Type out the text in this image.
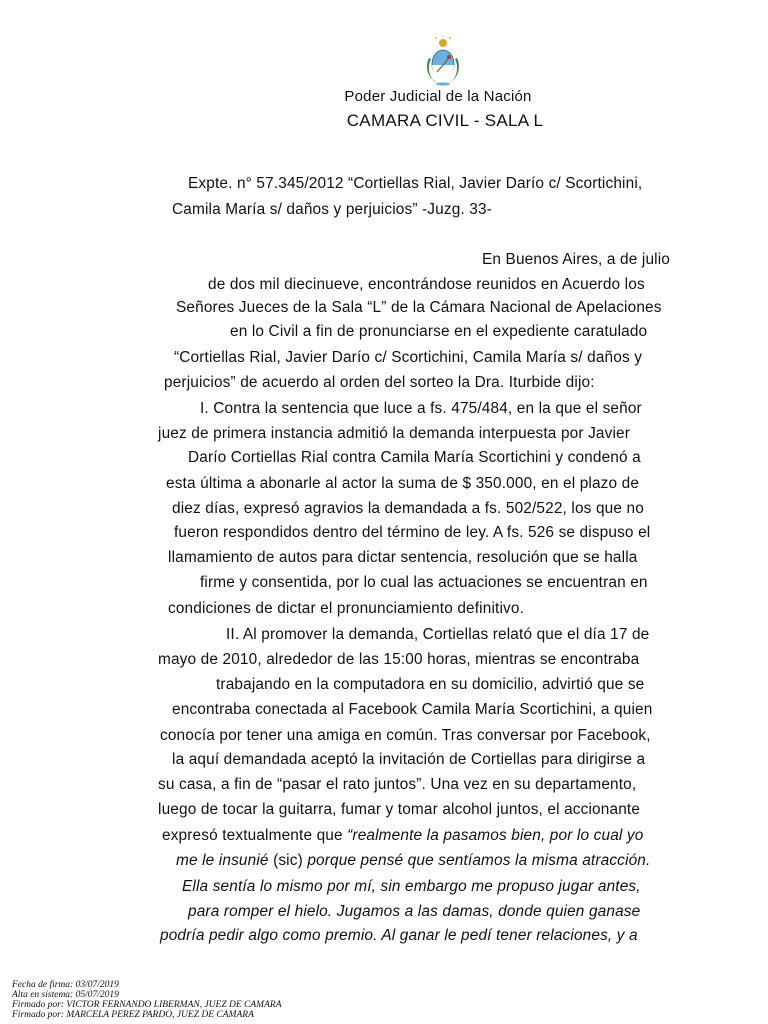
Poder Judicial de la Nación
CAMARA CIVIL - SALA L
Expte. n° 57.345/2012 “Cortiellas Rial, Javier Darío c/ Scortichini,
Camila María s/ daños y perjuicios” -Juzg. 33-
En Buenos Aires, a de julio
de dos mil diecinueve, encontrándose reunidos en Acuerdo los
Señores Jueces de la Sala “L” de la Cámara Nacional de Apelaciones
en lo Civil a fin de pronunciarse en el expediente caratulado
“Cortiellas Rial, Javier Darío c/ Scortichini, Camila María s/ daños y
perjuicios” de acuerdo al orden del sorteo la Dra. Iturbide dijo:
I. Contra la sentencia que luce a fs. 475/484, en la que el señor
juez de primera instancia admitió la demanda interpuesta por Javier
Darío Cortiellas Rial contra Camila María Scortichini y condenó a
esta última a abonarle al actor la suma de $ 350.000, en el plazo de
diez días, expresó agravios la demandada a fs. 502/522, los que no
fueron respondidos dentro del término de ley. A fs. 526 se dispuso el
llamamiento de autos para dictar sentencia, resolución que se halla
firme y consentida, por lo cual las actuaciones se encuentran en
condiciones de dictar el pronunciamiento definitivo.
II. Al promover la demanda, Cortiellas relató que el día 17 de
mayo de 2010, alrededor de las 15:00 horas, mientras se encontraba
trabajando en la computadora en su domicilio, advirtió que se
encontraba conectada al Facebook Camila María Scortichini, a quien
conocía por tener una amiga en común. Tras conversar por Facebook,
la aquí demandada aceptó la invitación de Cortiellas para dirigirse a
su casa, a fin de “pasar el rato juntos”. Una vez en su departamento,
luego de tocar la guitarra, fumar y tomar alcohol juntos, el accionante
expresó textualmente que “realmente la pasamos bien, por lo cual yo
me le insunié (sic) porque pensé que sentíamos la misma atracción.
Ella sentía lo mismo por mí, sin embargo me propuso jugar antes,
para romper el hielo. Jugamos a las damas, donde quien ganase
podría pedir algo como premio. Al ganar le pedí tener relaciones, y a
Fecha de firma: 03/07/2019
Alta en sistema: 05/07/2019
Firmado por: VICTOR FERNANDO LIBERMAN, JUEZ DE CAMARA
Firmado por: MARCELA PEREZ PARDO, JUEZ DE CAMARA
